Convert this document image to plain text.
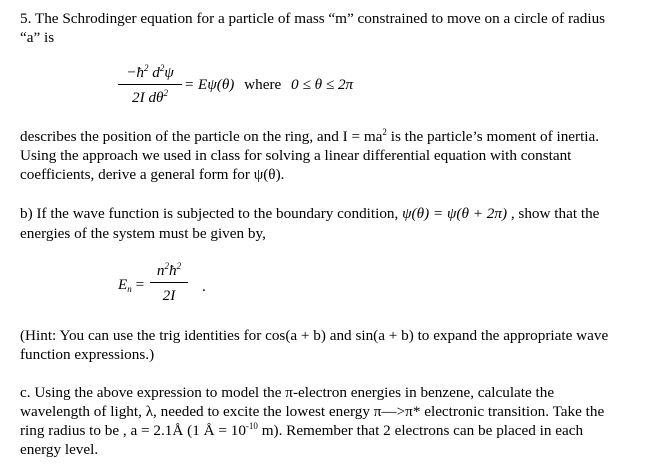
5. The Schrodinger equation for a particle of mass “m” constrained to move on a circle of radius
“a” is
$-ħ^2$ $d^2\psi$
2I $d\theta^2$	= Eψ(θ) where 0 ≤ θ ≤ 2π
describes the position of the particle on the ring, and $I = ma^2$ is the particle’s moment of inertia.
Using the approach we used in class for solving a linear differential equation with constant
coefficients, derive a general form for ψ(θ).
b) If the wave function is subjected to the boundary condition, ψ(θ) = ψ(θ + 2π) , show that the
energies of the system must be given by,
$E_n$ =
$n^2ħ^2$
2I
.
(Hint: You can use the trig identities for cos(a + b) and sin(a + b) to expand the appropriate wave
function expressions.)
c. Using the above expression to model the π-electron energies in benzene, calculate the
wavelength of light, λ, needed to excite the lowest energy π—>π* electronic transition. Take the
ring radius to be , a = 2.1Å (1 Å = $10^{-10}$ m). Remember that 2 electrons can be placed in each
energy level.
